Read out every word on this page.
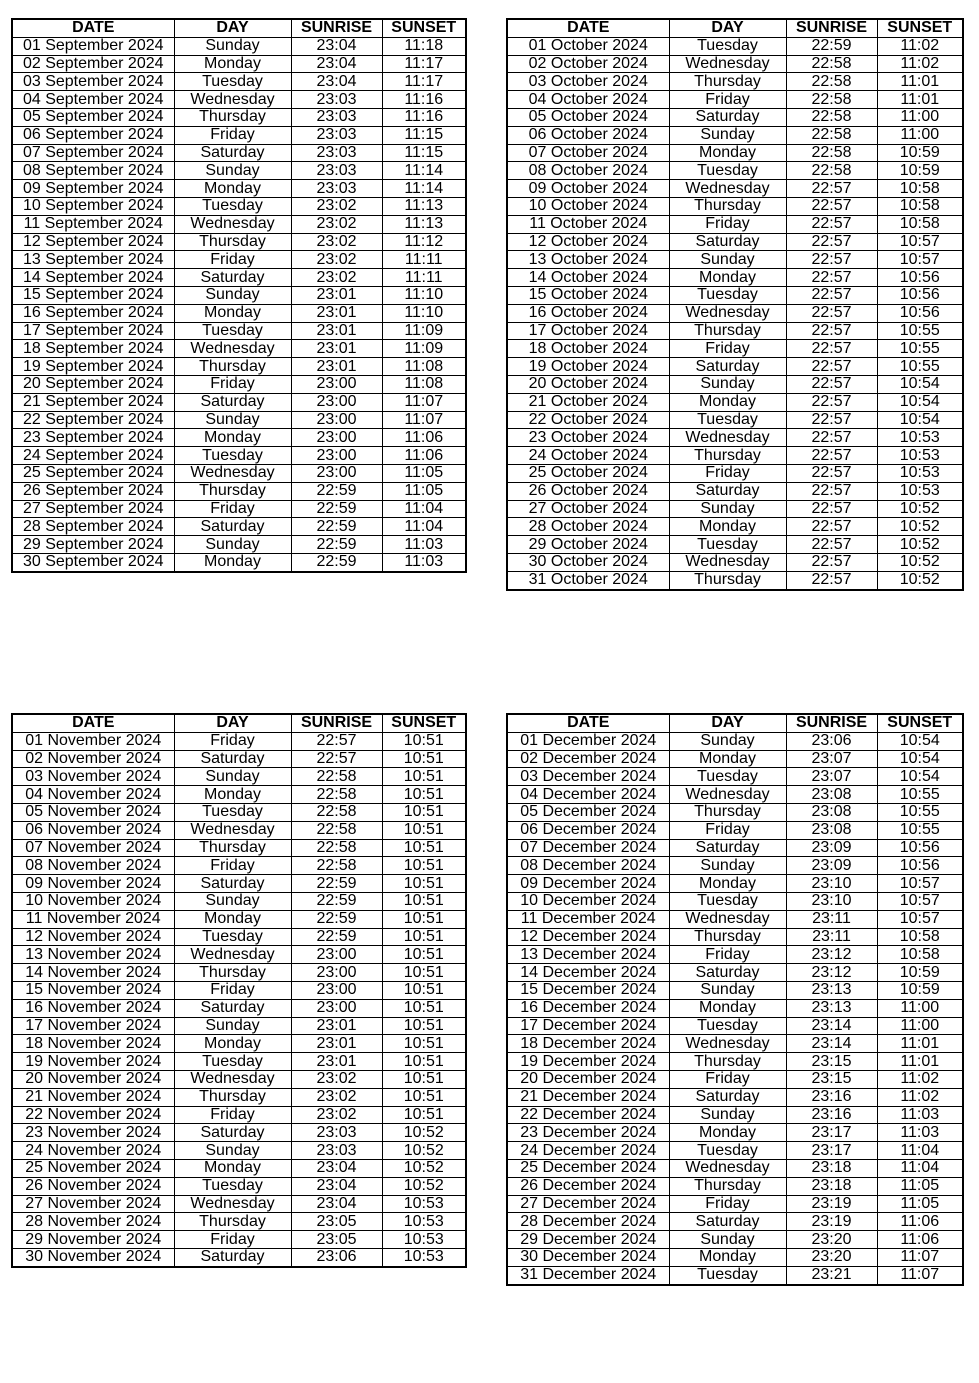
DATE	DAY	SUNRISE	SUNSET
01 September 2024	Sunday	23:04	11:18
02 September 2024	Monday	23:04	11:17
03 September 2024	Tuesday	23:04	11:17
04 September 2024	Wednesday	23:03	11:16
05 September 2024	Thursday	23:03	11:16
06 September 2024	Friday	23:03	11:15
07 September 2024	Saturday	23:03	11:15
08 September 2024	Sunday	23:03	11:14
09 September 2024	Monday	23:03	11:14
10 September 2024	Tuesday	23:02	11:13
11 September 2024	Wednesday	23:02	11:13
12 September 2024	Thursday	23:02	11:12
13 September 2024	Friday	23:02	11:11
14 September 2024	Saturday	23:02	11:11
15 September 2024	Sunday	23:01	11:10
16 September 2024	Monday	23:01	11:10
17 September 2024	Tuesday	23:01	11:09
18 September 2024	Wednesday	23:01	11:09
19 September 2024	Thursday	23:01	11:08
20 September 2024	Friday	23:00	11:08
21 September 2024	Saturday	23:00	11:07
22 September 2024	Sunday	23:00	11:07
23 September 2024	Monday	23:00	11:06
24 September 2024	Tuesday	23:00	11:06
25 September 2024	Wednesday	23:00	11:05
26 September 2024	Thursday	22:59	11:05
27 September 2024	Friday	22:59	11:04
28 September 2024	Saturday	22:59	11:04
29 September 2024	Sunday	22:59	11:03
30 September 2024	Monday	22:59	11:03
DATE	DAY	SUNRISE	SUNSET
01 October 2024	Tuesday	22:59	11:02
02 October 2024	Wednesday	22:58	11:02
03 October 2024	Thursday	22:58	11:01
04 October 2024	Friday	22:58	11:01
05 October 2024	Saturday	22:58	11:00
06 October 2024	Sunday	22:58	11:00
07 October 2024	Monday	22:58	10:59
08 October 2024	Tuesday	22:58	10:59
09 October 2024	Wednesday	22:57	10:58
10 October 2024	Thursday	22:57	10:58
11 October 2024	Friday	22:57	10:58
12 October 2024	Saturday	22:57	10:57
13 October 2024	Sunday	22:57	10:57
14 October 2024	Monday	22:57	10:56
15 October 2024	Tuesday	22:57	10:56
16 October 2024	Wednesday	22:57	10:56
17 October 2024	Thursday	22:57	10:55
18 October 2024	Friday	22:57	10:55
19 October 2024	Saturday	22:57	10:55
20 October 2024	Sunday	22:57	10:54
21 October 2024	Monday	22:57	10:54
22 October 2024	Tuesday	22:57	10:54
23 October 2024	Wednesday	22:57	10:53
24 October 2024	Thursday	22:57	10:53
25 October 2024	Friday	22:57	10:53
26 October 2024	Saturday	22:57	10:53
27 October 2024	Sunday	22:57	10:52
28 October 2024	Monday	22:57	10:52
29 October 2024	Tuesday	22:57	10:52
30 October 2024	Wednesday	22:57	10:52
31 October 2024	Thursday	22:57	10:52
DATE	DAY	SUNRISE	SUNSET
01 November 2024	Friday	22:57	10:51
02 November 2024	Saturday	22:57	10:51
03 November 2024	Sunday	22:58	10:51
04 November 2024	Monday	22:58	10:51
05 November 2024	Tuesday	22:58	10:51
06 November 2024	Wednesday	22:58	10:51
07 November 2024	Thursday	22:58	10:51
08 November 2024	Friday	22:58	10:51
09 November 2024	Saturday	22:59	10:51
10 November 2024	Sunday	22:59	10:51
11 November 2024	Monday	22:59	10:51
12 November 2024	Tuesday	22:59	10:51
13 November 2024	Wednesday	23:00	10:51
14 November 2024	Thursday	23:00	10:51
15 November 2024	Friday	23:00	10:51
16 November 2024	Saturday	23:00	10:51
17 November 2024	Sunday	23:01	10:51
18 November 2024	Monday	23:01	10:51
19 November 2024	Tuesday	23:01	10:51
20 November 2024	Wednesday	23:02	10:51
21 November 2024	Thursday	23:02	10:51
22 November 2024	Friday	23:02	10:51
23 November 2024	Saturday	23:03	10:52
24 November 2024	Sunday	23:03	10:52
25 November 2024	Monday	23:04	10:52
26 November 2024	Tuesday	23:04	10:52
27 November 2024	Wednesday	23:04	10:53
28 November 2024	Thursday	23:05	10:53
29 November 2024	Friday	23:05	10:53
30 November 2024	Saturday	23:06	10:53
DATE	DAY	SUNRISE	SUNSET
01 December 2024	Sunday	23:06	10:54
02 December 2024	Monday	23:07	10:54
03 December 2024	Tuesday	23:07	10:54
04 December 2024	Wednesday	23:08	10:55
05 December 2024	Thursday	23:08	10:55
06 December 2024	Friday	23:08	10:55
07 December 2024	Saturday	23:09	10:56
08 December 2024	Sunday	23:09	10:56
09 December 2024	Monday	23:10	10:57
10 December 2024	Tuesday	23:10	10:57
11 December 2024	Wednesday	23:11	10:57
12 December 2024	Thursday	23:11	10:58
13 December 2024	Friday	23:12	10:58
14 December 2024	Saturday	23:12	10:59
15 December 2024	Sunday	23:13	10:59
16 December 2024	Monday	23:13	11:00
17 December 2024	Tuesday	23:14	11:00
18 December 2024	Wednesday	23:14	11:01
19 December 2024	Thursday	23:15	11:01
20 December 2024	Friday	23:15	11:02
21 December 2024	Saturday	23:16	11:02
22 December 2024	Sunday	23:16	11:03
23 December 2024	Monday	23:17	11:03
24 December 2024	Tuesday	23:17	11:04
25 December 2024	Wednesday	23:18	11:04
26 December 2024	Thursday	23:18	11:05
27 December 2024	Friday	23:19	11:05
28 December 2024	Saturday	23:19	11:06
29 December 2024	Sunday	23:20	11:06
30 December 2024	Monday	23:20	11:07
31 December 2024	Tuesday	23:21	11:07
